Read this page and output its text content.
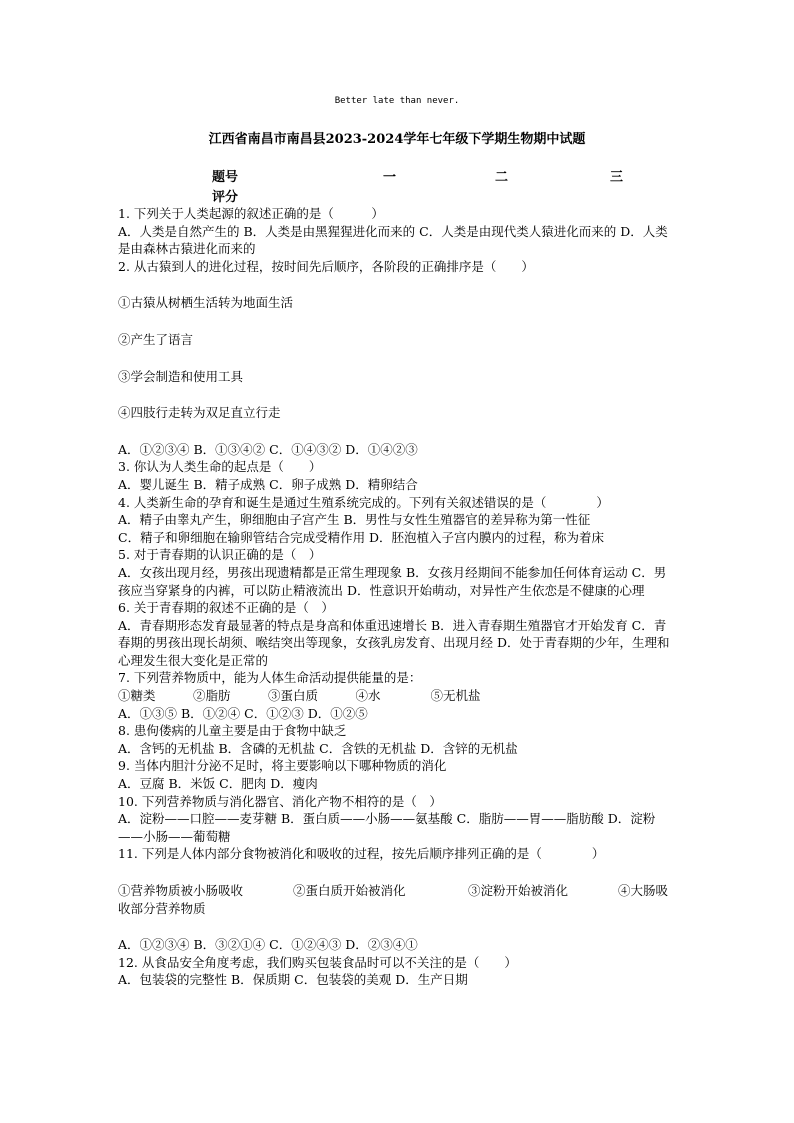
Better late than never.
江西省南昌市南昌县2023-2024学年七年级下学期生物期中试题
题号	一	二	三
评分

1. 下列关于人类起源的叙述正确的是（　　　）

A．人类是自然产生的 B．人类是由黑猩猩进化而来的 C．人类是由现代类人猿进化而来的 D．人类是由森林古猿进化而来的

2. 从古猿到人的进化过程，按时间先后顺序，各阶段的正确排序是（　　）

①古猿从树栖生活转为地面生活

②产生了语言

③学会制造和使用工具

④四肢行走转为双足直立行走

A．①②③④ B．①③④② C．①④③② D．①④②③

3. 你认为人类生命的起点是（　　）

A．婴儿诞生 B．精子成熟 C．卵子成熟 D．精卵结合

4. 人类新生命的孕育和诞生是通过生殖系统完成的。下列有关叙述错误的是（　　　　）

A．精子由睾丸产生，卵细胞由子宫产生 B．男性与女性生殖器官的差异称为第一性征

C．精子和卵细胞在输卵管结合完成受精作用 D．胚泡植入子宫内膜内的过程，称为着床

5. 对于青春期的认识正确的是（　）

A．女孩出现月经，男孩出现遗精都是正常生理现象 B．女孩月经期间不能参加任何体育运动 C．男孩应当穿紧身的内裤，可以防止精液流出 D．性意识开始萌动，对异性产生依恋是不健康的心理

6. 关于青春期的叙述不正确的是（　）

A．青春期形态发育最显著的特点是身高和体重迅速增长 B．进入青春期生殖器官才开始发育 C．青春期的男孩出现长胡须、喉结突出等现象，女孩乳房发育、出现月经 D．处于青春期的少年，生理和心理发生很大变化是正常的

7. 下列营养物质中，能为人体生命活动提供能量的是：

①糖类　　　②脂肪　　　③蛋白质　　　④水　　　　⑤无机盐

A．①③⑤ B．①②④ C．①②③ D．①②⑤

8. 患佝偻病的儿童主要是由于食物中缺乏

A．含钙的无机盐 B．含磷的无机盐 C．含铁的无机盐 D．含锌的无机盐

9. 当体内胆汁分泌不足时，将主要影响以下哪种物质的消化

A．豆腐 B．米饭 C．肥肉 D．瘦肉

10. 下列营养物质与消化器官、消化产物不相符的是（　）

A．淀粉——口腔——麦芽糖 B．蛋白质——小肠——氨基酸 C．脂肪——胃——脂肪酸 D．淀粉——小肠——葡萄糖

11. 下列是人体内部分食物被消化和吸收的过程，按先后顺序排列正确的是（　　　　）

①营养物质被小肠吸收　　　　②蛋白质开始被消化　　　　　③淀粉开始被消化　　　　④大肠吸收部分营养物质

A．①②③④ B．③②①④ C．①②④③ D．②③④①

12. 从食品安全角度考虑，我们购买包装食品时可以不关注的是（　　）

A．包装袋的完整性 B．保质期 C．包装袋的美观 D．生产日期
